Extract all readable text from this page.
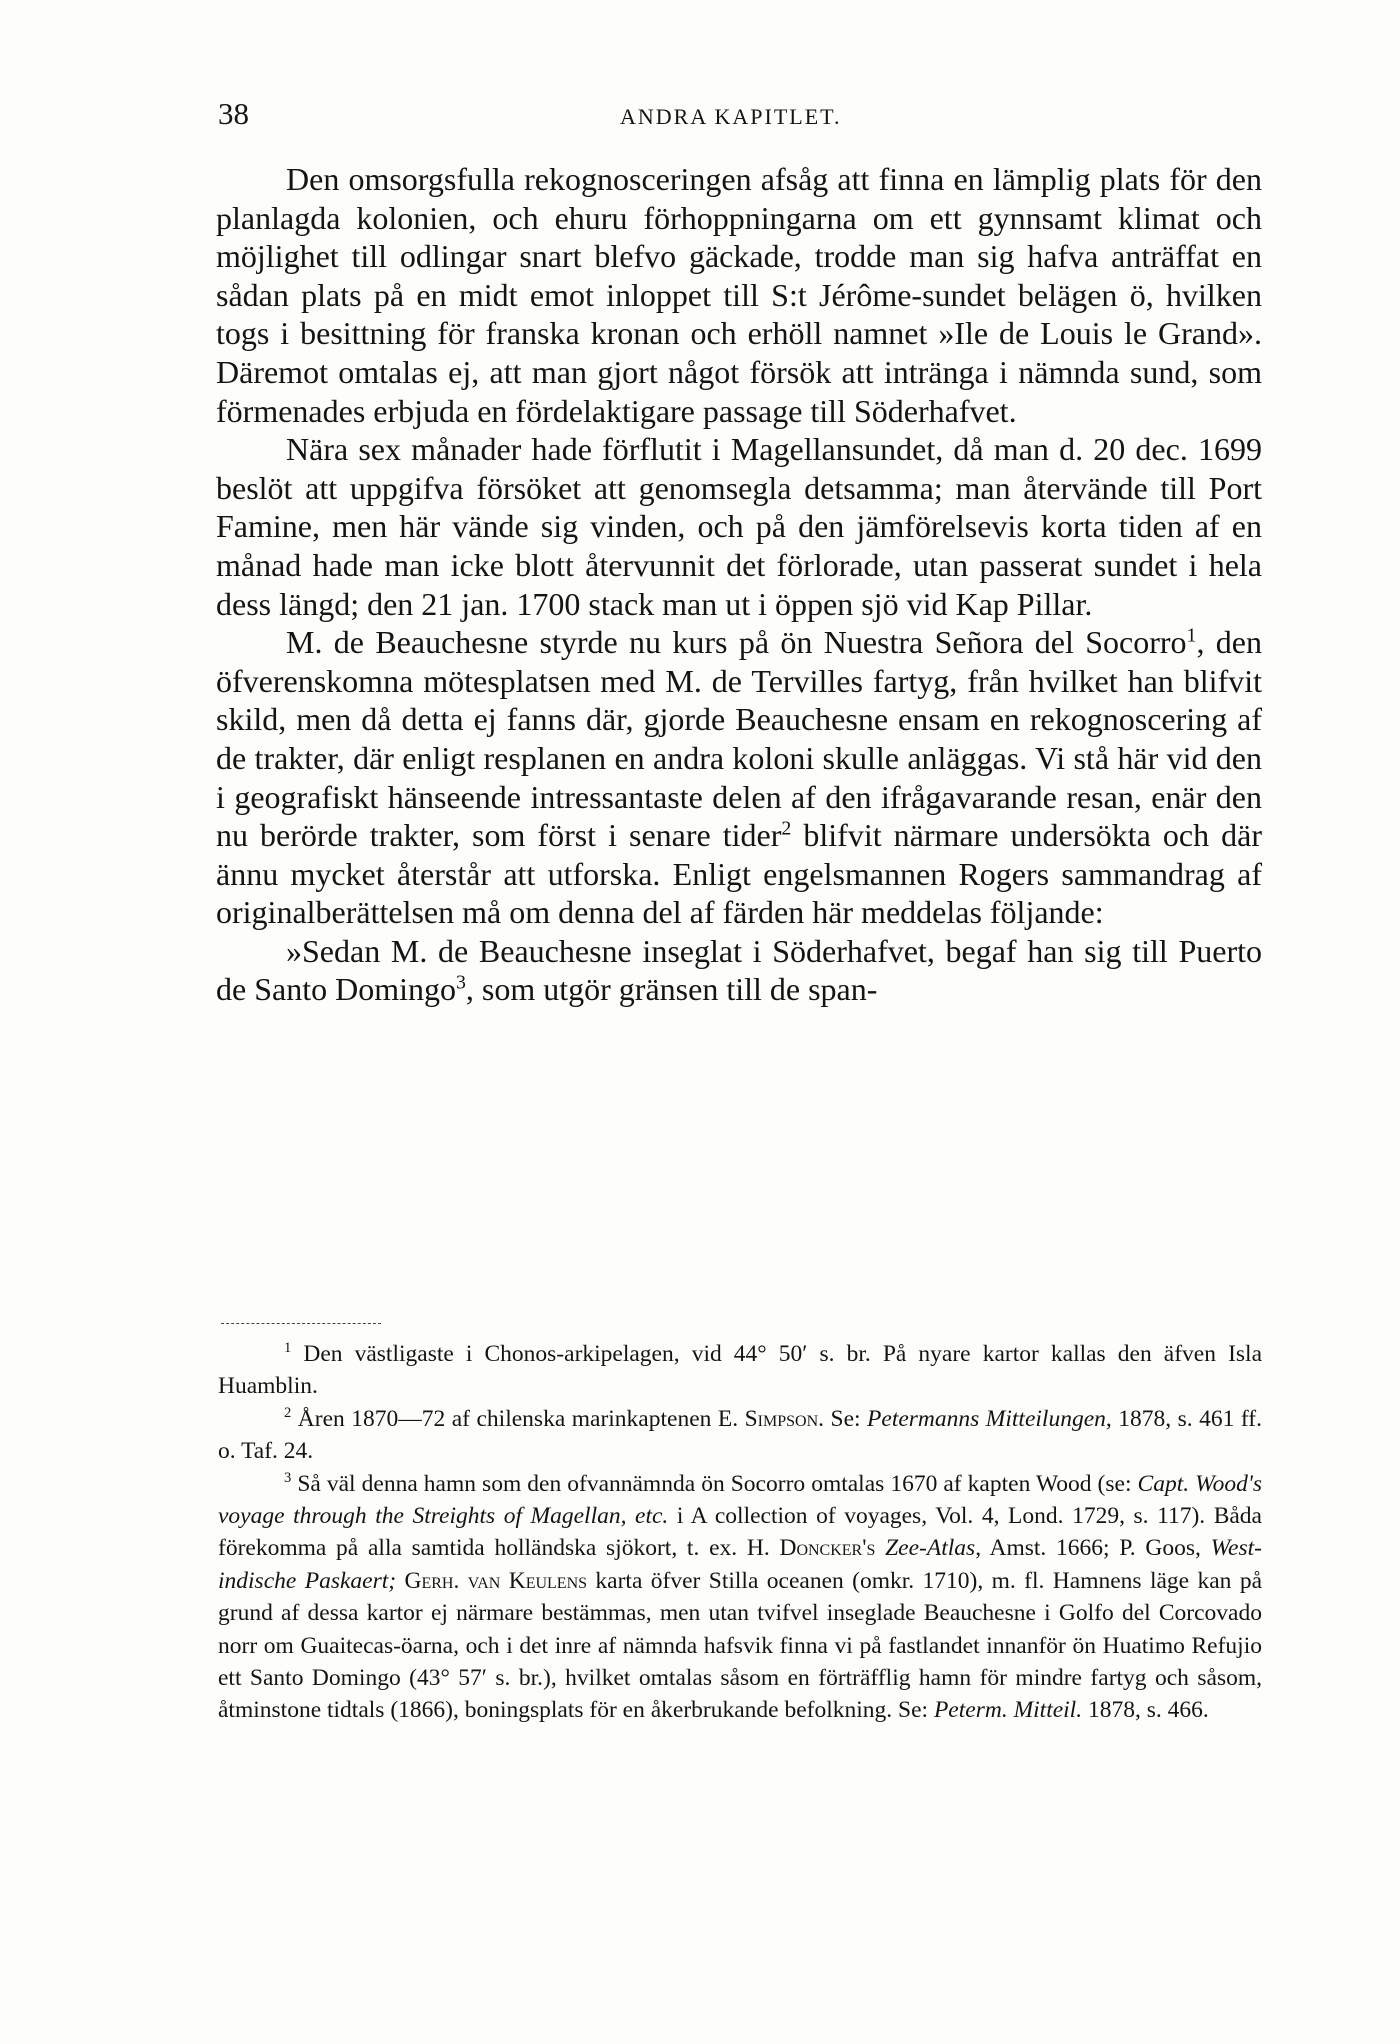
38	ANDRA KAPITLET.

Den omsorgsfulla rekognosceringen afsåg att finna en lämplig plats för den planlagda kolonien, och ehuru förhoppningarna om ett gynnsamt klimat och möjlighet till odlingar snart blefvo gäckade, trodde man sig hafva anträffat en sådan plats på en midt emot inloppet till S:t Jérôme-sundet belägen ö, hvilken togs i besittning för franska kronan och erhöll namnet »Ile de Louis le Grand». Däremot omtalas ej, att man gjort något försök att intränga i nämnda sund, som förmenades erbjuda en fördelaktigare passage till Söderhafvet.

Nära sex månader hade förflutit i Magellansundet, då man d. 20 dec. 1699 beslöt att uppgifva försöket att genomsegla detsamma; man återvände till Port Famine, men här vände sig vinden, och på den jämförelsevis korta tiden af en månad hade man icke blott återvunnit det förlorade, utan passerat sundet i hela dess längd; den 21 jan. 1700 stack man ut i öppen sjö vid Kap Pillar.

M. de Beauchesne styrde nu kurs på ön Nuestra Señora del Socorro$^1$, den öfverenskomna mötesplatsen med M. de Tervilles fartyg, från hvilket han blifvit skild, men då detta ej fanns där, gjorde Beauchesne ensam en rekognoscering af de trakter, där enligt resplanen en andra koloni skulle anläggas. Vi stå här vid den i geografiskt hänseende intressantaste delen af den ifrågavarande resan, enär den nu berörde trakter, som först i senare tider$^2$ blifvit närmare undersökta och där ännu mycket återstår att utforska. Enligt engelsmannen Rogers sammandrag af originalberättelsen må om denna del af färden här meddelas följande:

»Sedan M. de Beauchesne inseglat i Söderhafvet, begaf han sig till Puerto de Santo Domingo$^3$, som utgör gränsen till de span-

$^1$ Den västligaste i Chonos-arkipelagen, vid 44° 50′ s. br. På nyare kartor kallas den äfven Isla Huamblin.

$^2$ Åren 1870—72 af chilenska marinkaptenen E. Simpson. Se: Petermanns Mitteilungen, 1878, s. 461 ff. o. Taf. 24.

$^3$ Så väl denna hamn som den ofvannämnda ön Socorro omtalas 1670 af kapten Wood (se: Capt. Wood's voyage through the Streights of Magellan, etc. i A collection of voyages, Vol. 4, Lond. 1729, s. 117). Båda förekomma på alla samtida holländska sjökort, t. ex. H. Doncker's Zee-Atlas, Amst. 1666; P. Goos, West-indische Paskaert; Gerh. van Keulens karta öfver Stilla oceanen (omkr. 1710), m. fl. Hamnens läge kan på grund af dessa kartor ej närmare bestämmas, men utan tvifvel inseglade Beauchesne i Golfo del Corcovado norr om Guaitecas-öarna, och i det inre af nämnda hafsvik finna vi på fastlandet innanför ön Huatimo Refujio ett Santo Domingo (43° 57′ s. br.), hvilket omtalas såsom en förträfflig hamn för mindre fartyg och såsom, åtminstone tidtals (1866), boningsplats för en åkerbrukande befolkning. Se: Peterm. Mitteil. 1878, s. 466.
